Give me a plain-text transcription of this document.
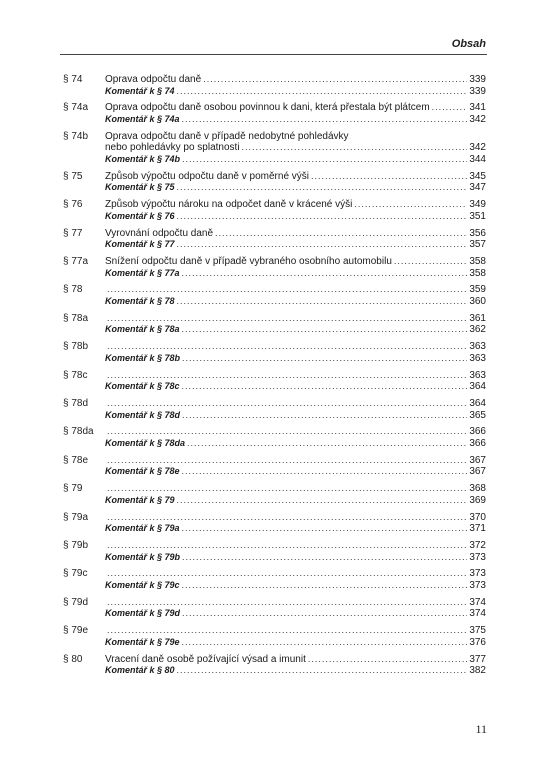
Obsah
§ 74 Oprava odpočtu daně .....	339
Komentář k § 74 .....	339
§ 74a Oprava odpočtu daně osobou povinnou k dani, která přestala být plátcem .....	341
Komentář k § 74a .....	342
§ 74b Oprava odpočtu daně v případě nedobytné pohledávky
nebo pohledávky po splatnosti .....	342
Komentář k § 74b .....	344
§ 75 Způsob výpočtu odpočtu daně v poměrné výši .....	345
Komentář k § 75 .....	347
§ 76 Způsob výpočtu nároku na odpočet daně v krácené výši .....	349
Komentář k § 76 .....	351
§ 77 Vyrovnání odpočtu daně .....	356
Komentář k § 77 .....	357
§ 77a Snížení odpočtu daně v případě vybraného osobního automobilu .....	358
Komentář k § 77a .....	358
§ 78 .....	359
Komentář k § 78 .....	360
§ 78a .....	361
Komentář k § 78a .....	362
§ 78b .....	363
Komentář k § 78b .....	363
§ 78c .....	363
Komentář k § 78c .....	364
§ 78d .....	364
Komentář k § 78d .....	365
§ 78da .....	366
Komentář k § 78da .....	366
§ 78e .....	367
Komentář k § 78e .....	367
§ 79 .....	368
Komentář k § 79 .....	369
§ 79a .....	370
Komentář k § 79a .....	371
§ 79b .....	372
Komentář k § 79b .....	373
§ 79c .....	373
Komentář k § 79c .....	373
§ 79d .....	374
Komentář k § 79d .....	374
§ 79e .....	375
Komentář k § 79e .....	376
§ 80 Vracení daně osobě požívající výsad a imunit .....	377
Komentář k § 80 .....	382
11
